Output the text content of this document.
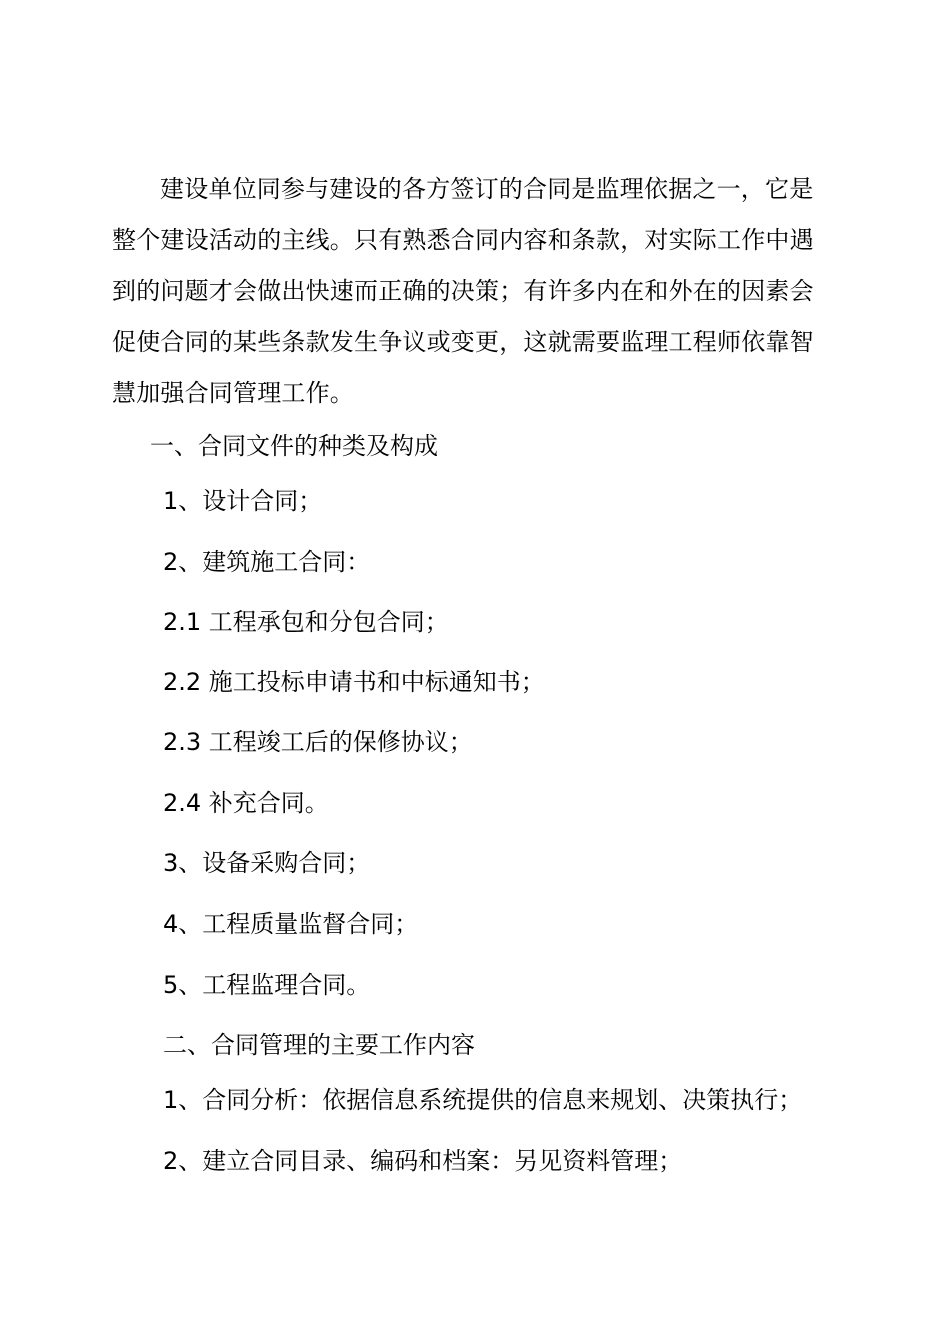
建设单位同参与建设的各方签订的合同是监理依据之一，它是
整个建设活动的主线。只有熟悉合同内容和条款，对实际工作中遇
到的问题才会做出快速而正确的决策；有许多内在和外在的因素会
促使合同的某些条款发生争议或变更，这就需要监理工程师依靠智
慧加强合同管理工作。

一、合同文件的种类及构成

1、设计合同；

2、建筑施工合同：

2.1 工程承包和分包合同；

2.2 施工投标申请书和中标通知书；

2.3 工程竣工后的保修协议；

2.4 补充合同。

3、设备采购合同；

4、工程质量监督合同；

5、工程监理合同。

二、合同管理的主要工作内容

1、合同分析：依据信息系统提供的信息来规划、决策执行；

2、建立合同目录、编码和档案：另见资料管理；
